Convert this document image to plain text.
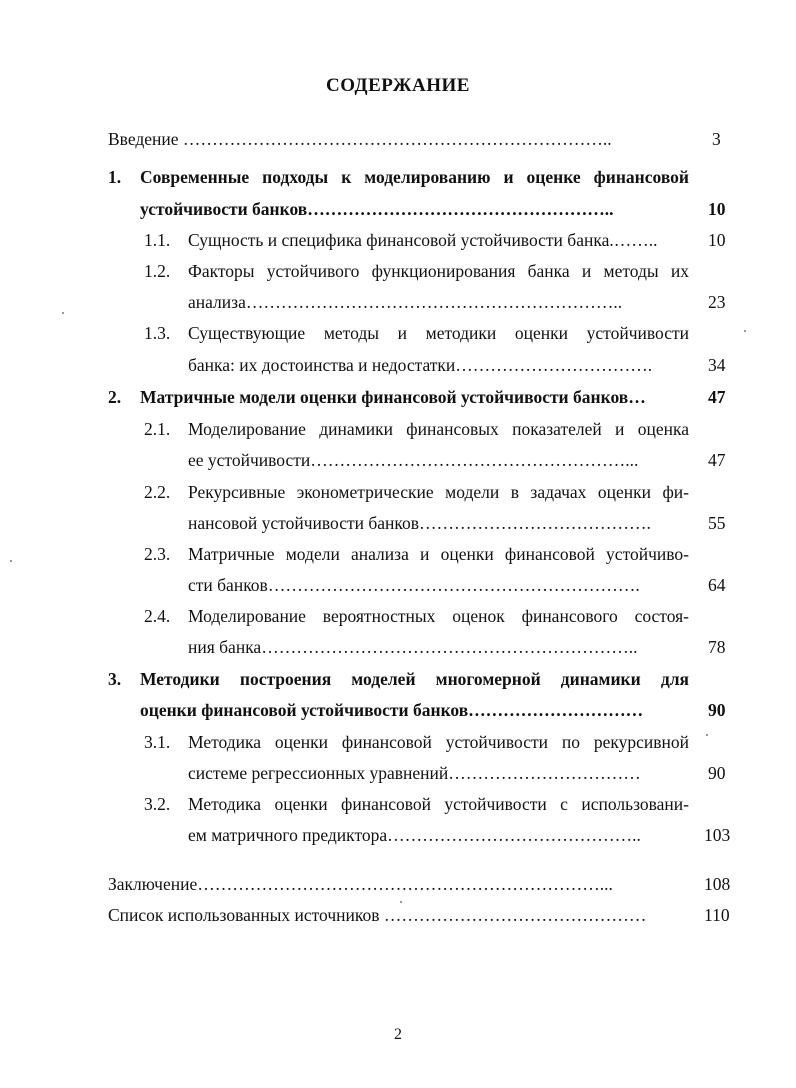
СОДЕРЖАНИЕ
Введение ………………………………………………………………..	3
1.	Современные подходы к моделированию и оценке финансовой
устойчивости банков……………………………………………..	10
1.1.	Сущность и специфика финансовой устойчивости банка.……..	10
1.2.	Факторы устойчивого функционирования банка и методы их
анализа………………………………………………………..	23
1.3.	Существующие методы и методики оценки устойчивости
банка: их достоинства и недостатки…………………………….	34
2.	Матричные модели оценки финансовой устойчивости банков…	47
2.1.	Моделирование динамики финансовых показателей и оценка
ее устойчивости………………………………………………...	47
2.2.	Рекурсивные эконометрические модели в задачах оценки фи-
нансовой устойчивости банков………………………………….	55
2.3.	Матричные модели анализа и оценки финансовой устойчиво-
сти банков……………………………………………………….	64
2.4.	Моделирование вероятностных оценок финансового состоя-
ния банка………………………………………………………..	78
3.	Методики построения моделей многомерной динамики для
оценки финансовой устойчивости банков…………………………	90
3.1.	Методика оценки финансовой устойчивости по рекурсивной
системе регрессионных уравнений……………………………	90
3.2.	Методика оценки финансовой устойчивости с использовани-
ем матричного предиктора……………………………………..	103
Заключение……………………………………………………………...	108
Список использованных источников ………………………………………	110
2
